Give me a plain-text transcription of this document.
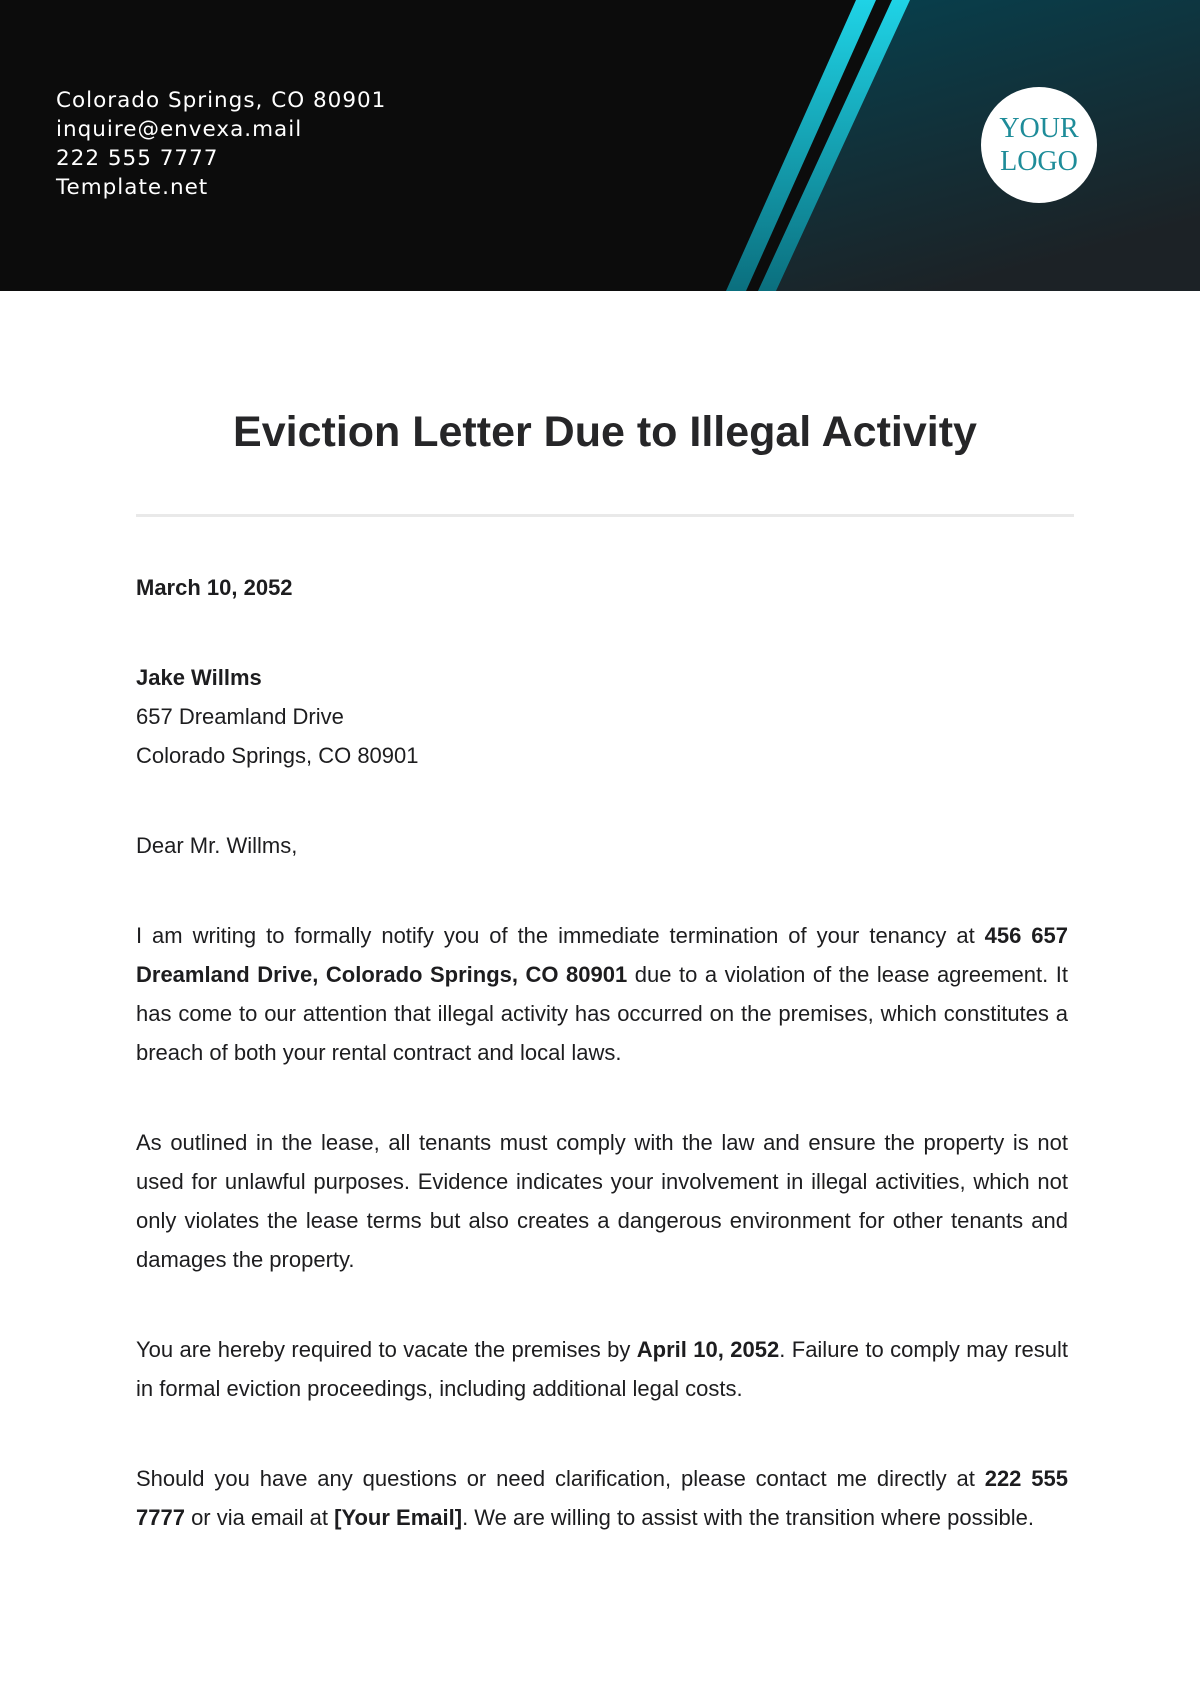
Colorado Springs, CO 80901
inquire@envexa.mail
222 555 7777
Template.net
YOUR
LOGO
Eviction Letter Due to Illegal Activity

March 10, 2052

Jake Willms
657 Dreamland Drive
Colorado Springs, CO 80901

Dear Mr. Willms,

I am writing to formally notify you of the immediate termination of your tenancy at 456 657 Dreamland Drive, Colorado Springs, CO 80901 due to a violation of the lease agreement. It has come to our attention that illegal activity has occurred on the premises, which constitutes a breach of both your rental contract and local laws.

As outlined in the lease, all tenants must comply with the law and ensure the property is not used for unlawful purposes. Evidence indicates your involvement in illegal activities, which not only violates the lease terms but also creates a dangerous environment for other tenants and damages the property.

You are hereby required to vacate the premises by April 10, 2052. Failure to comply may result in formal eviction proceedings, including additional legal costs.

Should you have any questions or need clarification, please contact me directly at 222 555 7777 or via email at [Your Email]. We are willing to assist with the transition where possible.
